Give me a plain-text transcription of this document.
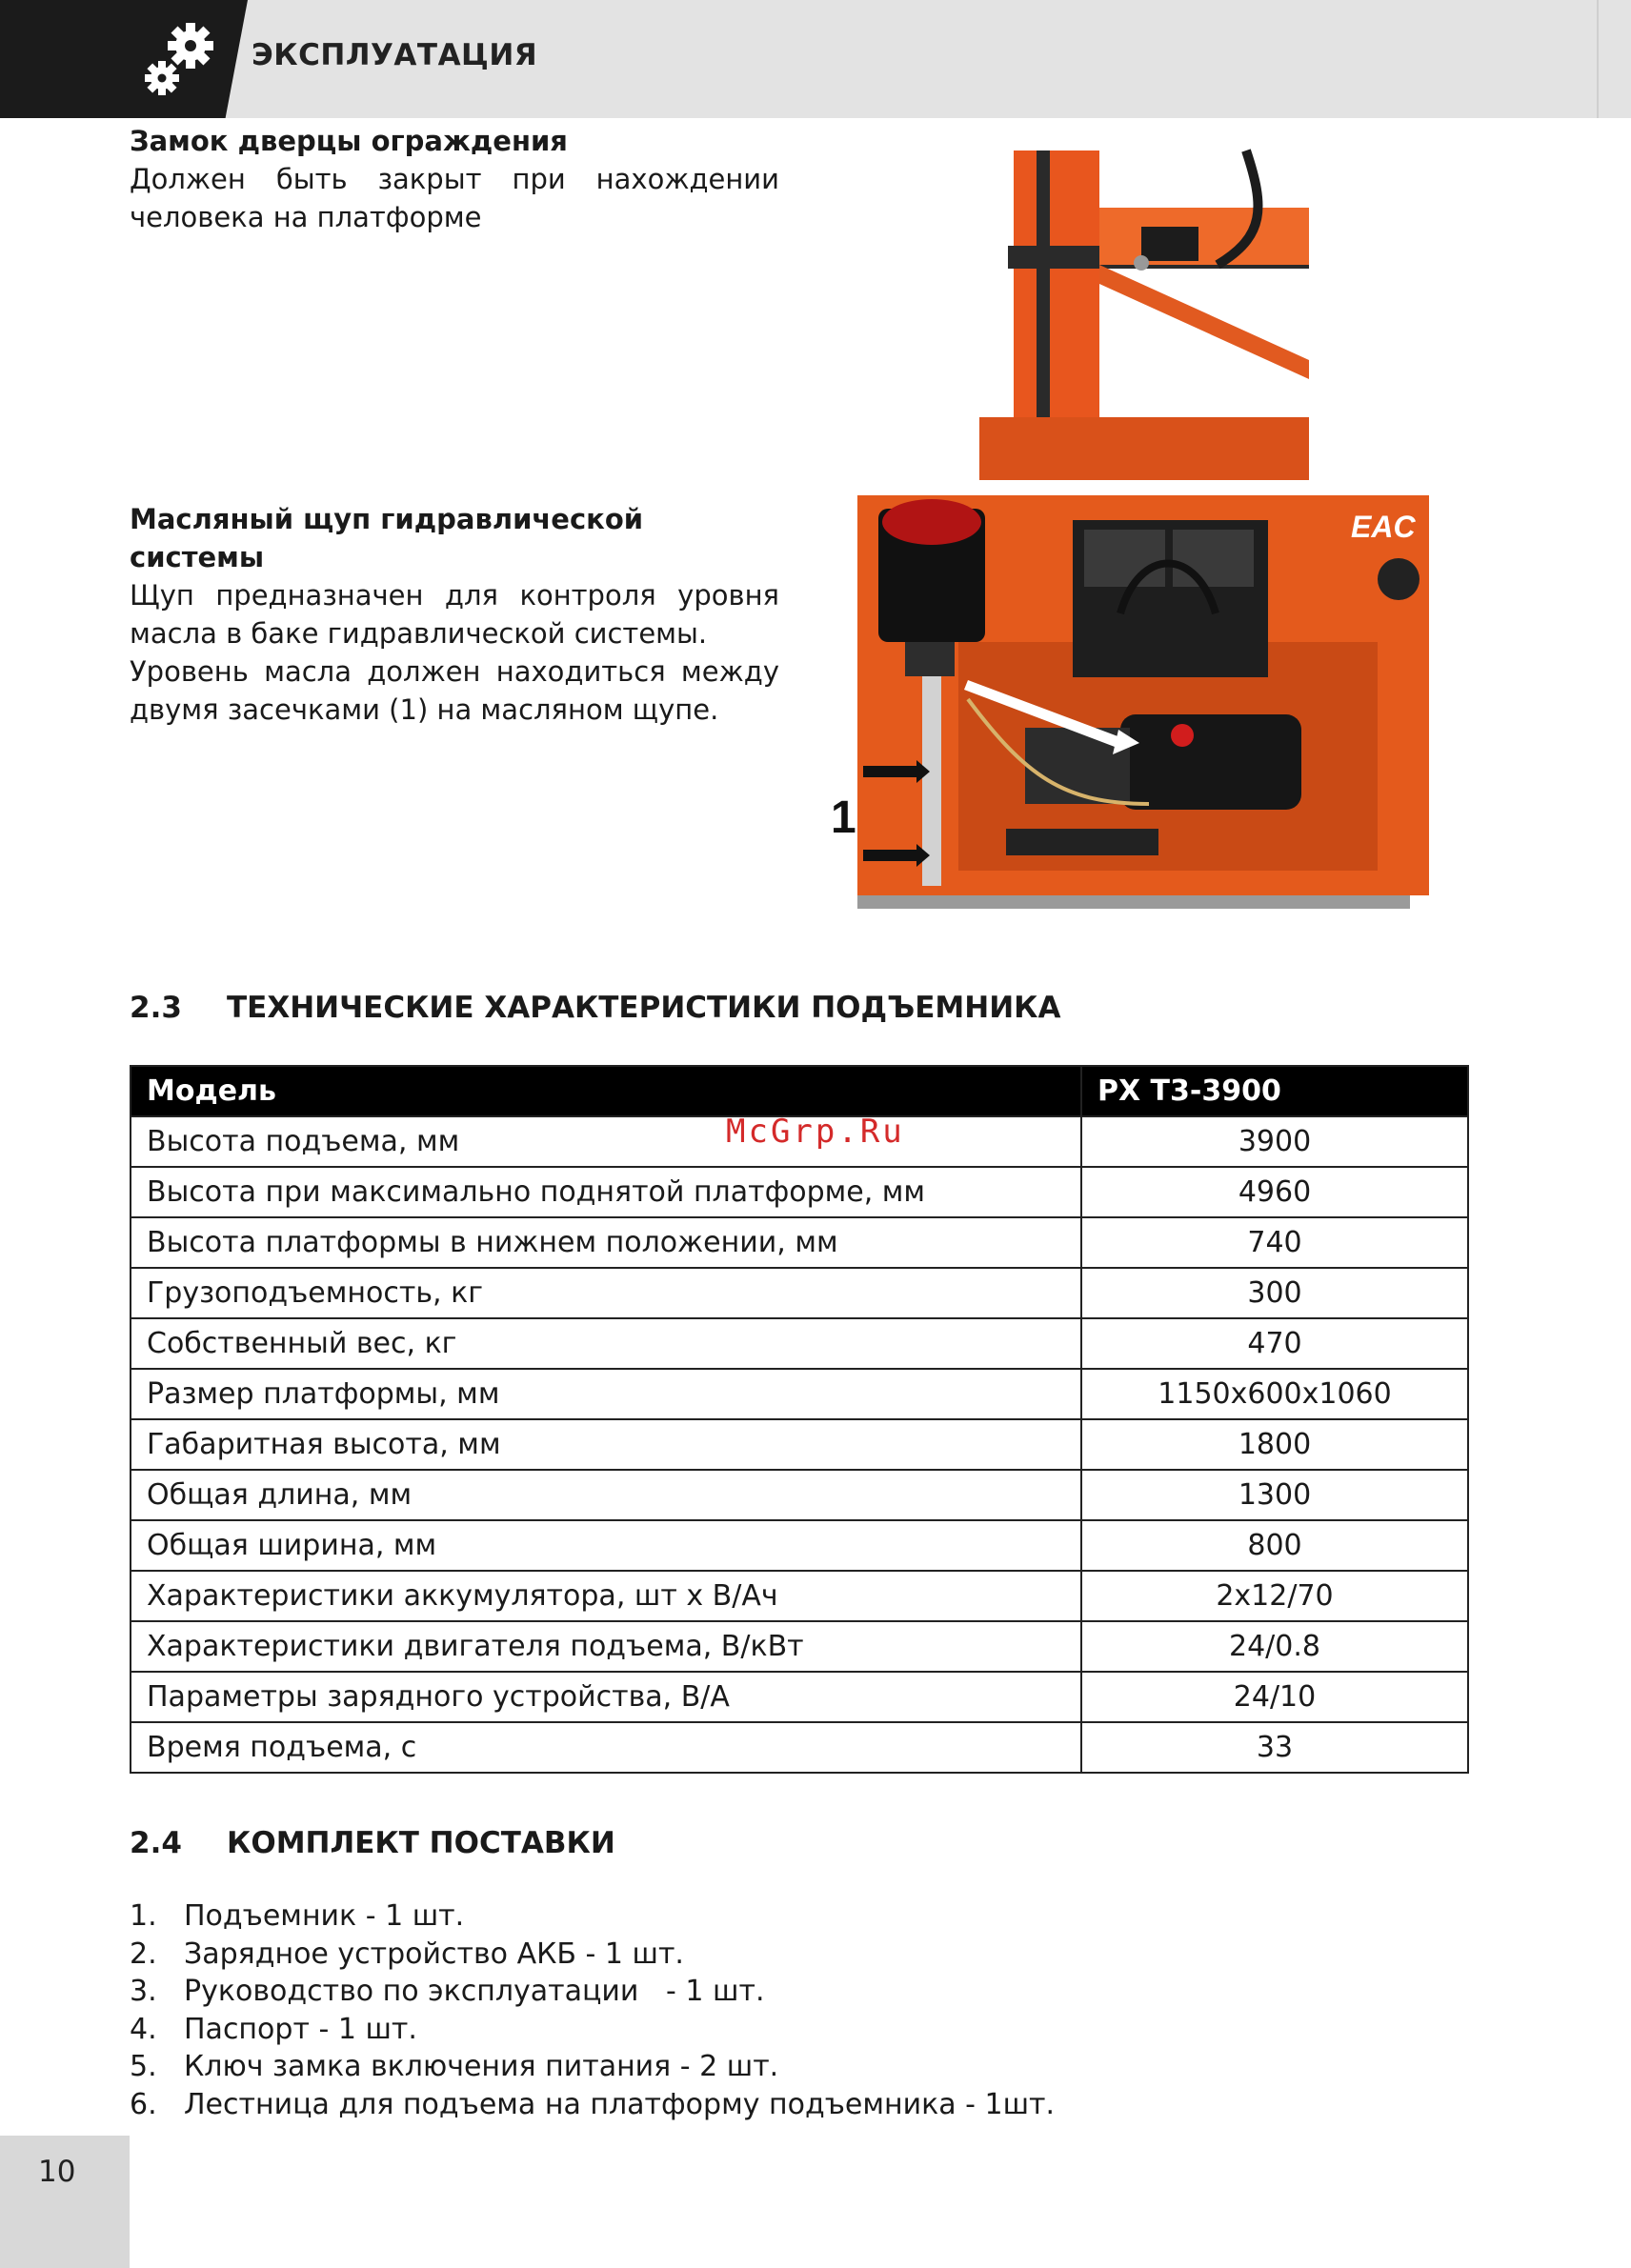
ЭКСПЛУАТАЦИЯ
Замок дверцы ограждения

Должен быть закрыт при нахождении человека на платформе

Масляный щуп гидравлической системы

Щуп предназначен для контроля уровня масла в баке гидравлической системы.

Уровень масла должен находиться между двумя засечками (1) на масляном щупе.

1
EAC
2.3 ТЕХНИЧЕСКИЕ ХАРАКТЕРИСТИКИ ПОДЪЕМНИКА
Модель	PX T3-3900
Высота подъема, мм	3900
Высота при максимально поднятой платформе, мм	4960
Высота платформы в нижнем положении, мм	740
Грузоподъемность, кг	300
Собственный вес, кг	470
Размер платформы, мм	1150x600x1060
Габаритная высота, мм	1800
Общая длина, мм	1300
Общая ширина, мм	800
Характеристики аккумулятора, шт х В/Ач	2x12/70
Характеристики двигателя подъема, В/кВт	24/0.8
Параметры зарядного устройства, В/А	24/10
Время подъема, с	33
McGrp.Ru
2.4 КОМПЛЕКТ ПОСТАВКИ
1. Подъемник - 1 шт.
2. Зарядное устройство АКБ - 1 шт.
3. Руководство по эксплуатации   - 1 шт.
4. Паспорт - 1 шт.
5. Ключ замка включения питания - 2 шт.
6. Лестница для подъема на платформу подъемника - 1шт.
10
